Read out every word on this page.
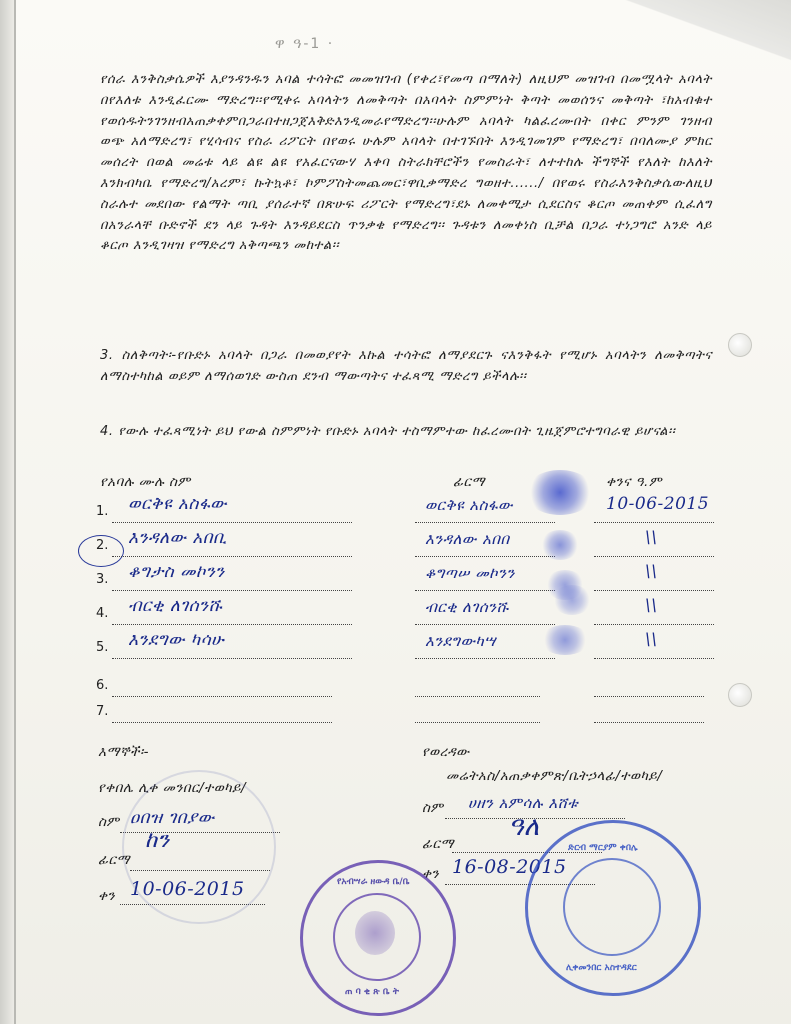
ዋ ዓ-1 ·
የሰራ እንቅስቃሴዎች እያንዳንዱን አባል ተሳትፎ መመዝገብ (የቀረ፣የመጣ በማለት) ለዚህም መዝገብ በመሟላት አባላት በየእለቱ እንዲፈርሙ ማድረግ፡፡የሚቀሩ አባላትን ለመቅጣት በአባላት ስምምነት ቅጣት መወሰንና መቅጣት ፣ከአብቁተ የወሰዱትንገንዘብአጠቃቀምበጋራበተዘጋጀእቅድእንዲመራየማድረግ፡፡ሁሉም አባላት ካልፈረሙበት በቀር ምንም ገንዘብ ወጭ አለማድረግ፣ የሂሳብና የስራ ሪፖርት በየወሩ ሁሉም አባላት በተገኙበት እንዲገመገም የማድረግ፣ በባለሙያ ምክር መሰረት በወል መሬቱ ላይ ልዩ ልዩ የአፈርናውሃ እቀባ ስትራክቸሮችን የመስራት፣ ለተተከሉ ችግኞች የእለት ከእለት እንክብካቤ የማድረግ/አረም፣ ኩትኳቶ፣ ኮምፖስትመጨመር፣ዋቢቃማድረ ግወዘተ....../ በየወሩ የስራእንቅስቃሴውለዚህ ስራሉተ መደበው የልማት ጣቢ ያሰራተኛ በጽሁፍ ሪፖርት የማድረግ፣ደኑ ለመቀሚታ ሲደርስና ቆርጦ መጠቀም ሲፈለግ በአንራላቸ ቡድኖች ደን ላይ ጉዳት እንዳይደርስ ጥንቃቄ የማድረግ፡፡ ጉዳቱን ለመቀነስ ቢቻል በጋራ ተነጋግሮ አንድ ላይ ቆርጦ እንዲገዛዝ የማድረግ አቅጣጫን መከተል፡፡
3. ስለቅጣት፡-የቡድኑ አባላት በጋራ በመወያየት እኩል ተሳትፎ ለማያደርጉ ናእንቅፋት የሚሆኑ አባላትን ለመቅጣትና ለማስተካከል ወይም ለማሰወገድ ውስጠ ደንብ ማውጣትና ተፈጻሚ ማድረግ ይችላሉ፡፡
4. የውሉ ተፈጻሚነት ይህ የውል ስምምነት የቡድኑ አባላት ተስማምተው ከፈረሙበት ጊዜጀምሮተግባራዊ ይሆናል፡፡
የአባሉ ሙሉ ስም	ፊርማ	ቀንና ዓ.ም
1. ወርቅዩ አስፋው	ወርቅዩ አስፋው	10-06-2015
2. እንዳለው አበቢ	እንዳለው አበበ	\\
3. ቆግታስ መኮንን	ቆግጣሠ መኮንን	\\
4. ብርቂ ለገሰንሹ	ብርቂ ለገሰንሹ	\\
5. እንደግው ካሳሁ	እንደግውካሣ	\\
6.
7.
እማኞች፡-
የቀበሌ ሊቀ መንበር/ተወካይ/
ስም ዐበዝ ገበያው
ፊርማ
ከን
ቀን 10-06-2015
የወረዳው
መሬትአስ/አጠቃቀምጽ/ቤትኃላፊ/ተወካይ/
ስም ሀዘን አምሳሉ እሸቱ
ፊርማ
ዓለ
ቀን 16-08-2015
የአብሣራ ዘውዳ ቤ/ቤ
ጠ ባ ቂ ጽ ቤ ት
ድርብ ማርያም ቀበሌ
ሊቀመንበር አስተዳደር
